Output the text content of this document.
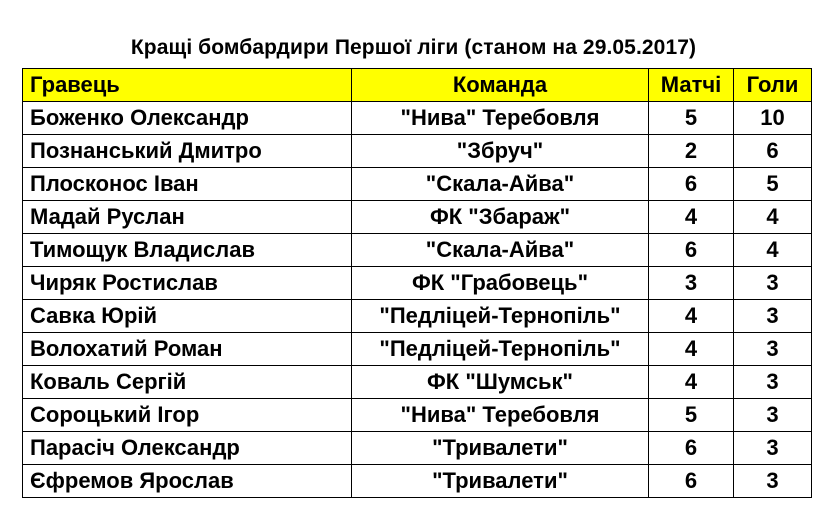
Кращі бомбардири Першої ліги (станом на 29.05.2017)
Гравець	Команда	Матчі	Голи
Боженко Олександр	"Нива" Теребовля	5	10
Познанський Дмитро	"Збруч"	2	6
Плосконос Іван	"Скала-Айва"	6	5
Мадай Руслан	ФК "Збараж"	4	4
Тимощук Владислав	"Скала-Айва"	6	4
Чиряк Ростислав	ФК "Грабовець"	3	3
Савка Юрій	"Педліцей-Тернопіль"	4	3
Волохатий Роман	"Педліцей-Тернопіль"	4	3
Коваль Сергій	ФК "Шумськ"	4	3
Сороцький Ігор	"Нива" Теребовля	5	3
Парасіч Олександр	"Тривалети"	6	3
Єфремов Ярослав	"Тривалети"	6	3
